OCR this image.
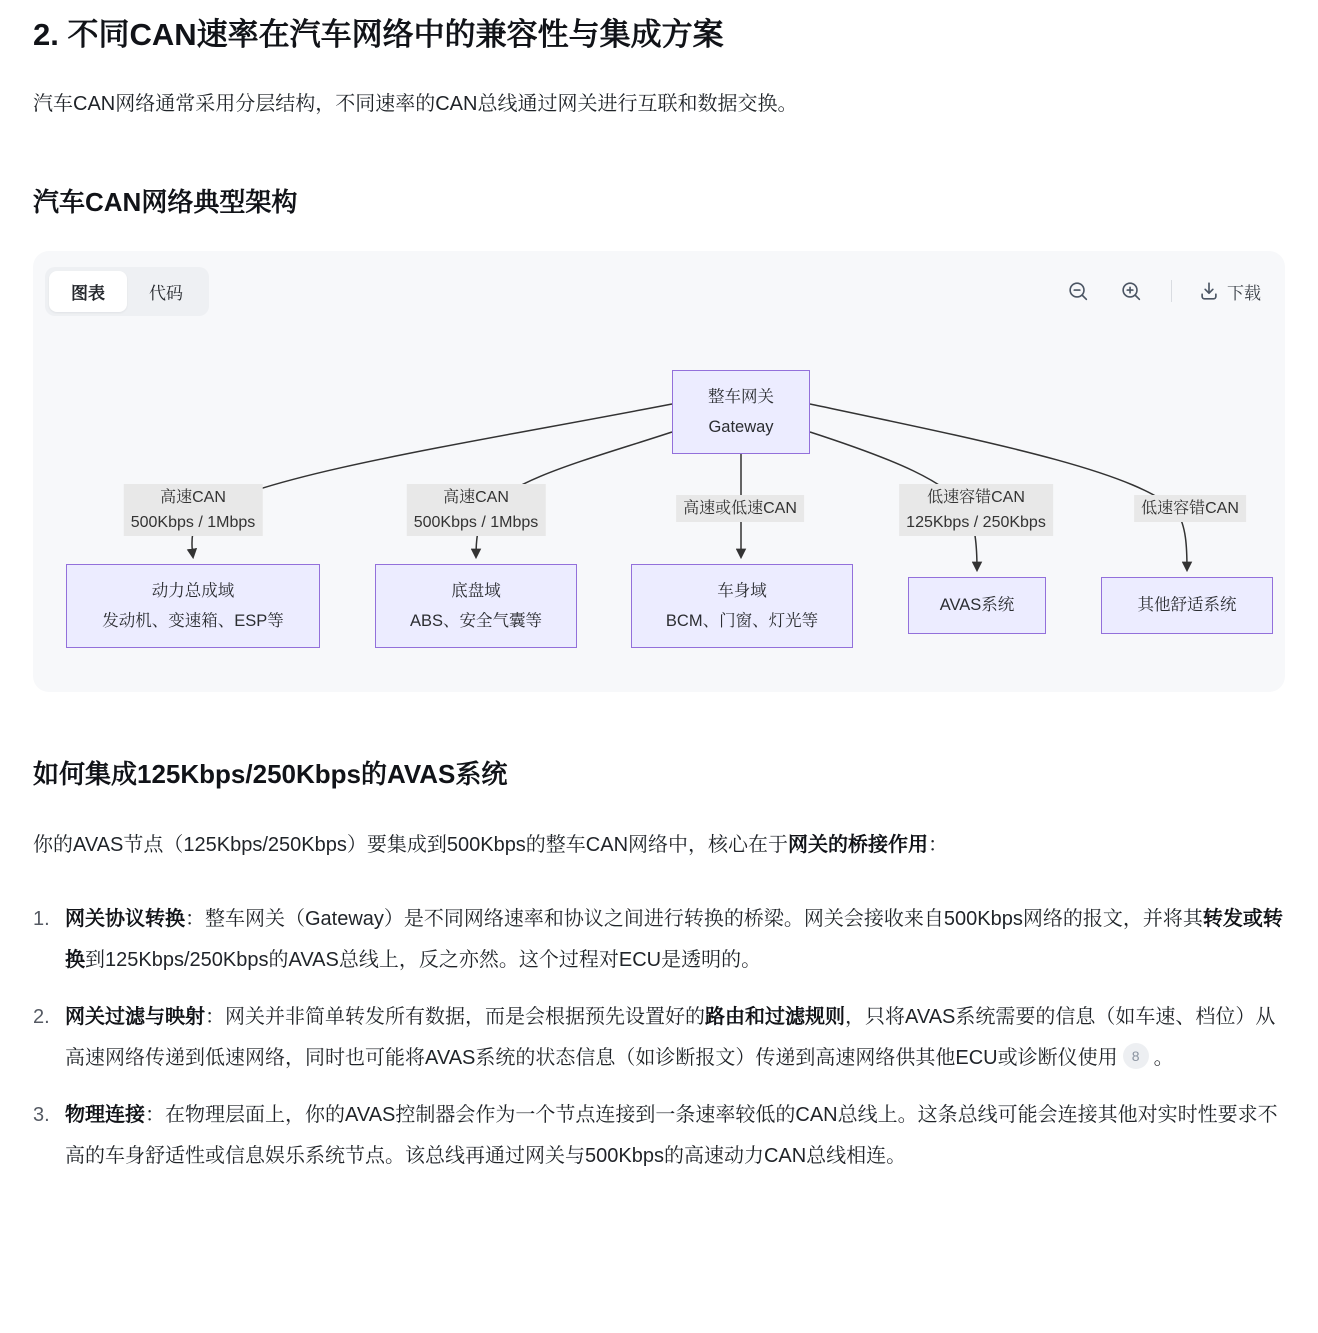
2. 不同CAN速率在汽车网络中的兼容性与集成方案

汽车CAN网络通常采用分层结构，不同速率的CAN总线通过网关进行互联和数据交换。

汽车CAN网络典型架构
图表	代码	下载
整车网关
Gateway
动力总成域
发动机、变速箱、ESP等
底盘域
ABS、安全气囊等
车身域
BCM、门窗、灯光等
AVAS系统	其他舒适系统
高速CAN
500Kbps / 1Mbps
高速CAN
500Kbps / 1Mbps
高速或低速CAN
低速容错CAN
125Kbps / 250Kbps
低速容错CAN
如何集成125Kbps/250Kbps的AVAS系统

你的AVAS节点（125Kbps/250Kbps）要集成到500Kbps的整车CAN网络中，核心在于网关的桥接作用：

1. 网关协议转换：整车网关（Gateway）是不同网络速率和协议之间进行转换的桥梁。网关会接收来自500Kbps网络的报文，并将其转发或转换到125Kbps/250Kbps的AVAS总线上，反之亦然。这个过程对ECU是透明的。
2. 网关过滤与映射：网关并非简单转发所有数据，而是会根据预先设置好的路由和过滤规则，只将AVAS系统需要的信息（如车速、档位）从高速网络传递到低速网络，同时也可能将AVAS系统的状态信息（如诊断报文）传递到高速网络供其他ECU或诊断仪使用 8 。
3. 物理连接：在物理层面上，你的AVAS控制器会作为一个节点连接到一条速率较低的CAN总线上。这条总线可能会连接其他对实时性要求不高的车身舒适性或信息娱乐系统节点。该总线再通过网关与500Kbps的高速动力CAN总线相连。
